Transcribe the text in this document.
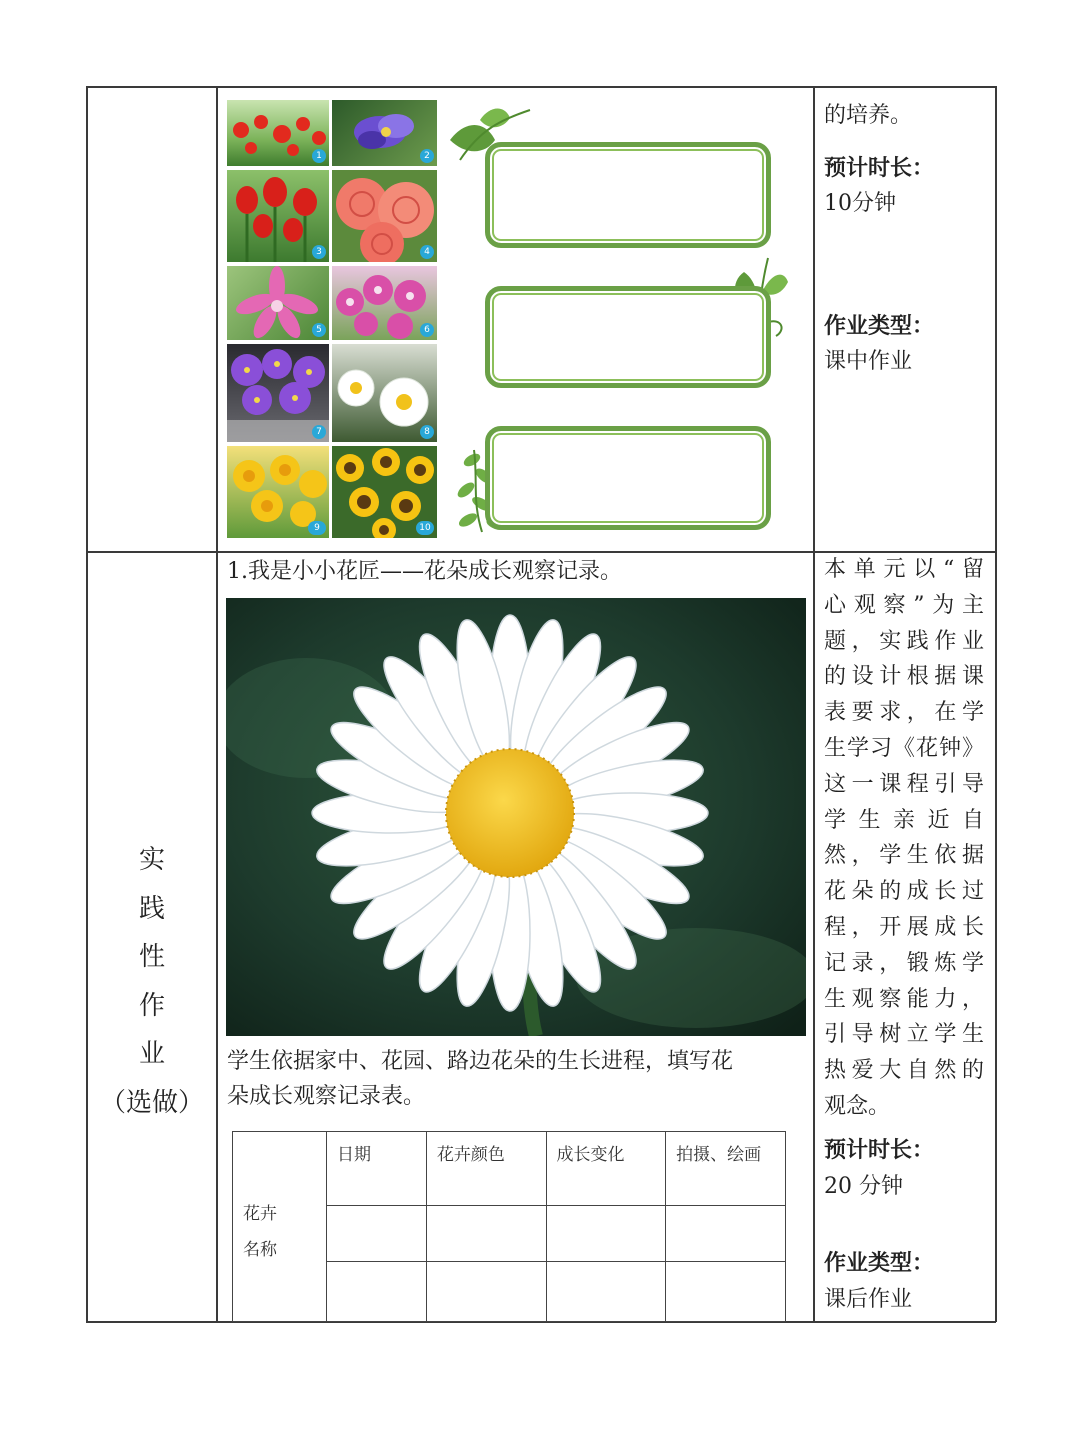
1	2
3	4
5	6
7	8
9	10
的培养。
预计时长：
10分钟
作业类型：
课中作业
实
践
性
作
业
（选做）
1.我是小小花匠——花朵成长观察记录。
学生依据家中、花园、路边花朵的生长进程，填写花
朵成长观察记录表。
花卉
名称	日期	花卉颜色	成长变化	拍摄、绘画

本单元以“留
心观察”为主
题，实践作业
的设计根据课
表要求，在学
生学习《花钟》
这一课程引导
学生亲近自
然，学生依据
花朵的成长过
程，开展成长
记录，锻炼学
生观察能力，
引导树立学生
热爱大自然的
观念。
预计时长：
20 分钟
作业类型：
课后作业
